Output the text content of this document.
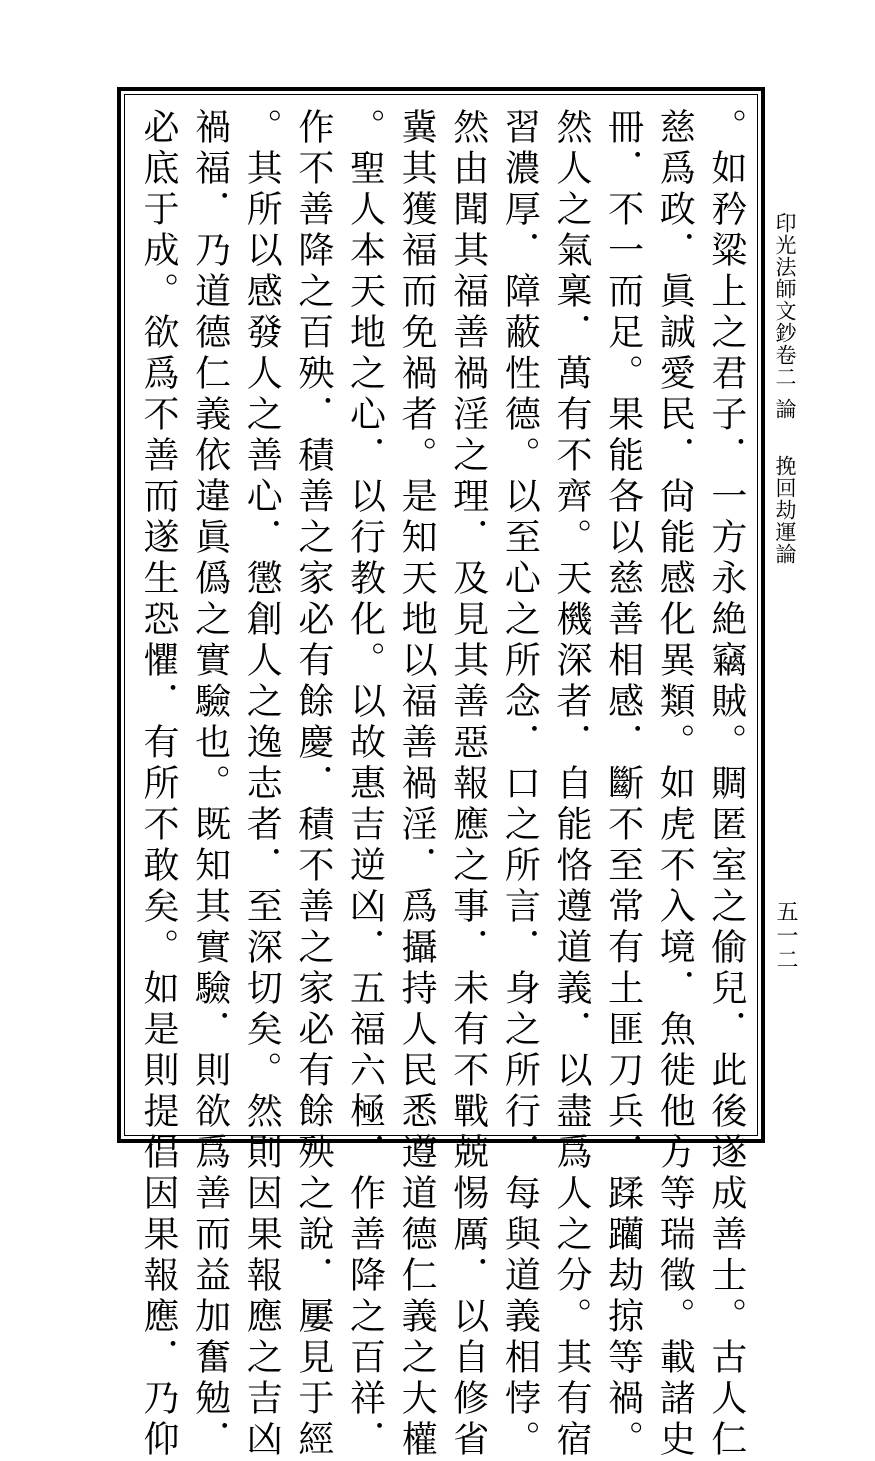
。如矜粱上之君子．一方永絶竊賊。賙匿室之偷兒．此後遂成善士。古人仁
慈爲政．眞誠愛民．尙能感化異類。如虎不入境．魚徙他方等瑞徵。載諸史
冊．不一而足。果能各以慈善相感．斷不至常有土匪刀兵．蹂躪劫掠等禍。
然人之氣稟．萬有不齊。天機深者．自能恪遵道義．以盡爲人之分。其有宿
習濃厚．障蔽性德。以至心之所念．口之所言．身之所行．每與道義相悖。
然由聞其福善禍淫之理．及見其善惡報應之事．未有不戰兢惕厲．以自修省
冀其獲福而免禍者。是知天地以福善禍淫．爲攝持人民悉遵道德仁義之大權
。聖人本天地之心．以行教化。以故惠吉逆凶．五福六極．作善降之百祥．
作不善降之百殃．積善之家必有餘慶．積不善之家必有餘殃之說．屢見于經
。其所以感發人之善心．懲創人之逸志者．至深切矣。然則因果報應之吉凶
禍福．乃道德仁義依違眞僞之實驗也。既知其實驗．則欲爲善而益加奮勉．
必底于成。欲爲不善而遂生恐懼．有所不敢矣。如是則提倡因果報應．乃仰	印光法師文鈔卷二
論
挽回劫運論
五一二
